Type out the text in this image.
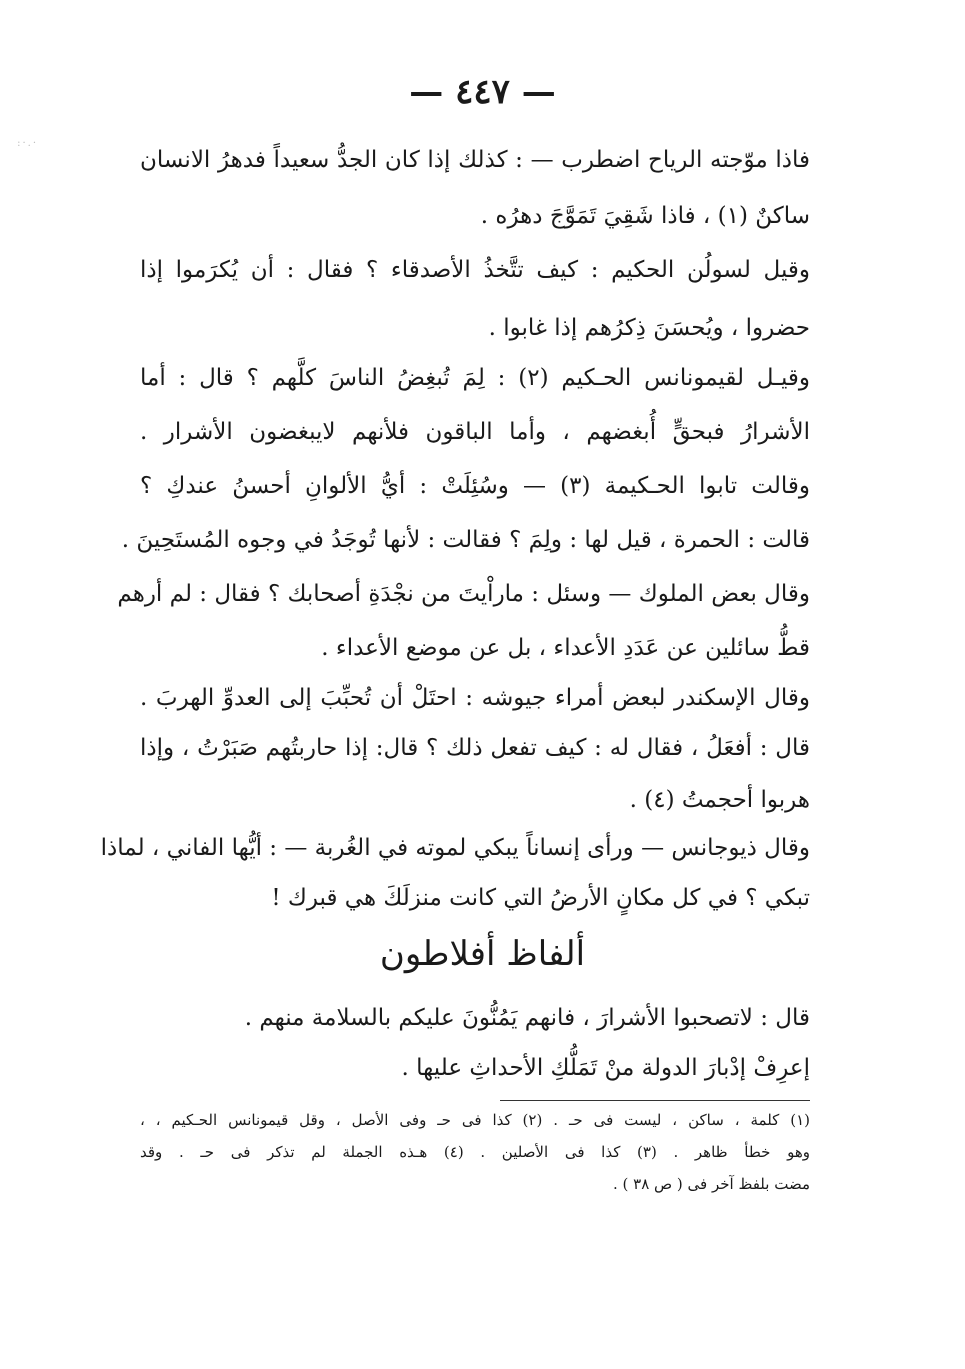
·.·:
— ٤٤٧ —
فاذا موّجته الرياح اضطرب — : كذلك إذا كان الجدُّ سعيداً فدهرُ الانسان
ساكنٌ (١) ، فاذا شَقِيَ تَمَوَّجَ دهرُه .
وقيل لسولُن الحكيم : كيف تتَّخذُ الأصدقاء ؟ فقال : أن يُكرَموا إذا
حضروا ، ويُحسَنَ ذِكرُهم إذا غابوا .
وقيـل لقيمونانس الحـكيم (٢) : لِمَ تُبغِضُ الناسَ كلَّهم ؟ قال : أما
الأشرارُ فبحقٍّ أُبغضهم ، وأما الباقون فلأنهم لايبغضون الأشرار .
وقالت تابوا الحـكيمة (٣) — وسُئِلَتْ : أيُّ الألوانِ أحسنُ عندكِ ؟
قالت : الحمرة ، قيل لها : ولِمَ ؟ فقالت : لأنها تُوجَدُ في وجوه المُستَحِينَ .
وقال بعض الملوك — وسئل : ماراْيتَ من نجْدَةِ أصحابك ؟ فقال : لم أرهم
قطُّ سائلين عن عَدَدِ الأعداء ، بل عن موضع الأعداء .
وقال الإسكندر لبعض أمراء جيوشه : احتَلْ أن تُحبِّبَ إلى العدوِّ الهربَ .
قال : أفعَلُ ، فقال له : كيف تفعل ذلك ؟ قال: إذا حاربتُهم صَبَرْتُ ، وإذا
هربوا أحجمتُ (٤) .
وقال ذيوجانس — ورأى إنساناً يبكي لموته في الغُربة — : أيُّها الفاني ، لماذا
تبكي ؟ في كل مكانٍ الأرضُ التي كانت منزلَكَ هي قبرك !
ألفاظ أفلاطون
قال : لاتصحبوا الأشرارَ ، فانهم يَمُنُّونَ عليكم بالسلامة منهم .
إعرِفْ إدْبارَ الدولة منْ تَمَلُّكِ الأحداثِ عليها .
(١) كلمة ، ساكن ، ليست فى حـ . (٢) كذا فى حـ وفى الأصل ، وقل قيمونانس الحـكيم ، ،
وهو خطأ ظاهر . (٣) كذا فى الأصلين . (٤) هـذه الجملة لم تذكر فى حـ . وقد
مضت بلفظ آخر فى ( ص ٣٨ ) .
